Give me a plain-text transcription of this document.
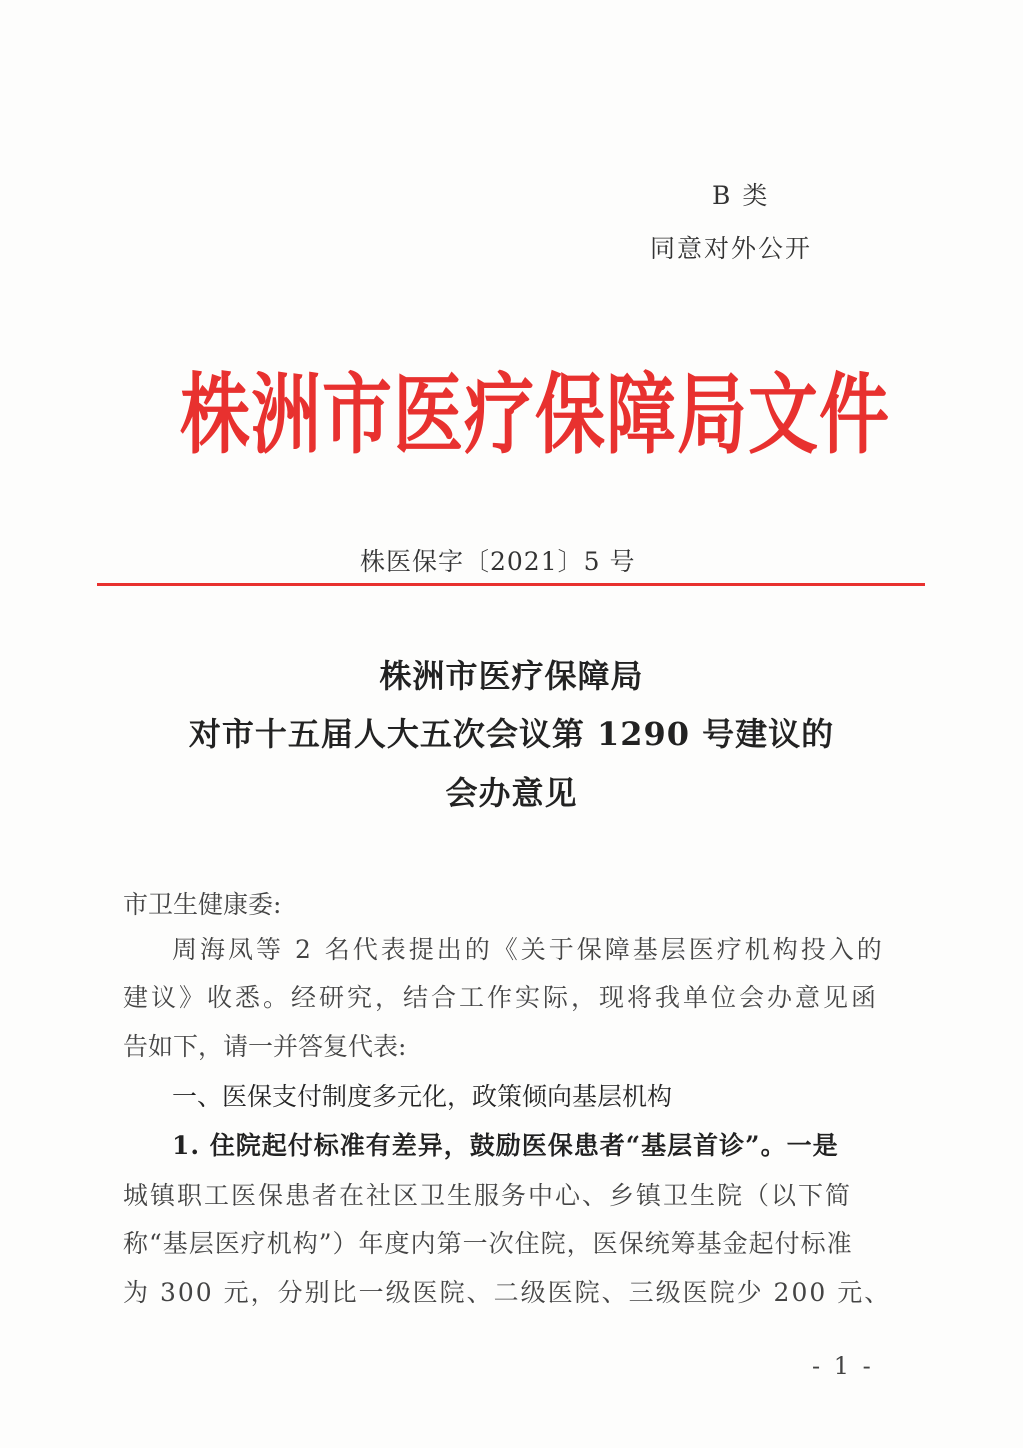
B 类
同意对外公开
株洲市医疗保障局文件
株医保字〔2021〕5 号
株洲市医疗保障局
对市十五届人大五次会议第 1290 号建议的
会办意见
市卫生健康委:
周海凤等 2 名代表提出的《关于保障基层医疗机构投入的
建议》收悉。经研究，结合工作实际，现将我单位会办意见函
告如下，请一并答复代表:
一、医保支付制度多元化，政策倾向基层机构
1. 住院起付标准有差异，鼓励医保患者“基层首诊”。一是
城镇职工医保患者在社区卫生服务中心、乡镇卫生院（以下简
称“基层医疗机构”）年度内第一次住院，医保统筹基金起付标准
为 300 元，分别比一级医院、二级医院、三级医院少 200 元、
- 1 -
